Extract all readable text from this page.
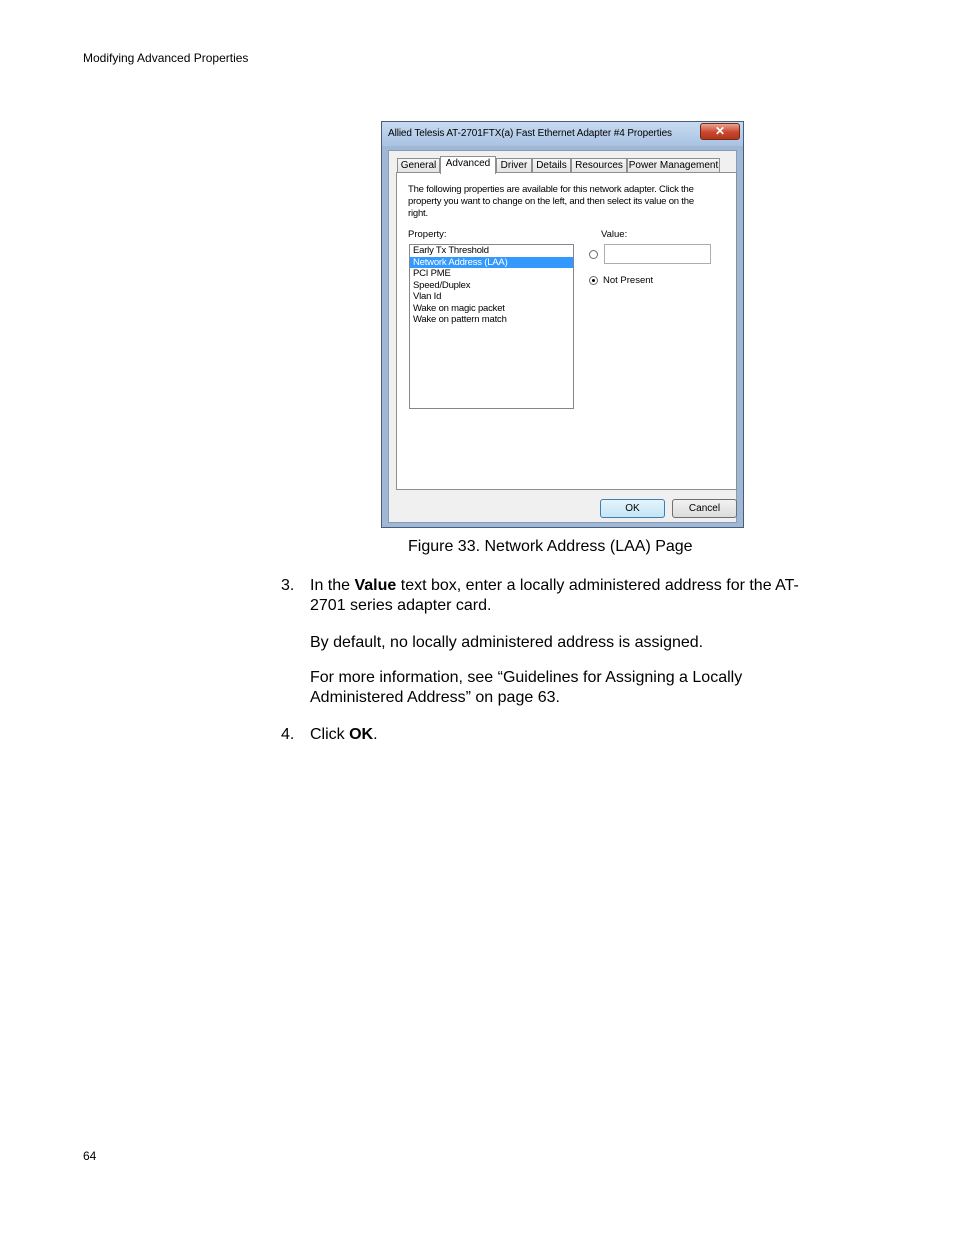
Modifying Advanced Properties
Allied Telesis AT-2701FTX(a) Fast Ethernet Adapter #4 Properties	✕
General Advanced	Driver Details Resources Power Management
The following properties are available for this network adapter. Click the property you want to change on the left, and then select its value on the right.
Property:	Value:
Early Tx Threshold
Network Address (LAA)
PCI PME
Speed/Duplex
Vlan Id
Wake on magic packet
Wake on pattern match
Not Present
OK	Cancel
Figure 33. Network Address (LAA) Page
3. In the Value text box, enter a locally administered address for the AT-2701 series adapter card.
By default, no locally administered address is assigned.
For more information, see “Guidelines for Assigning a Locally Administered Address” on page 63.
4. Click OK.
64
